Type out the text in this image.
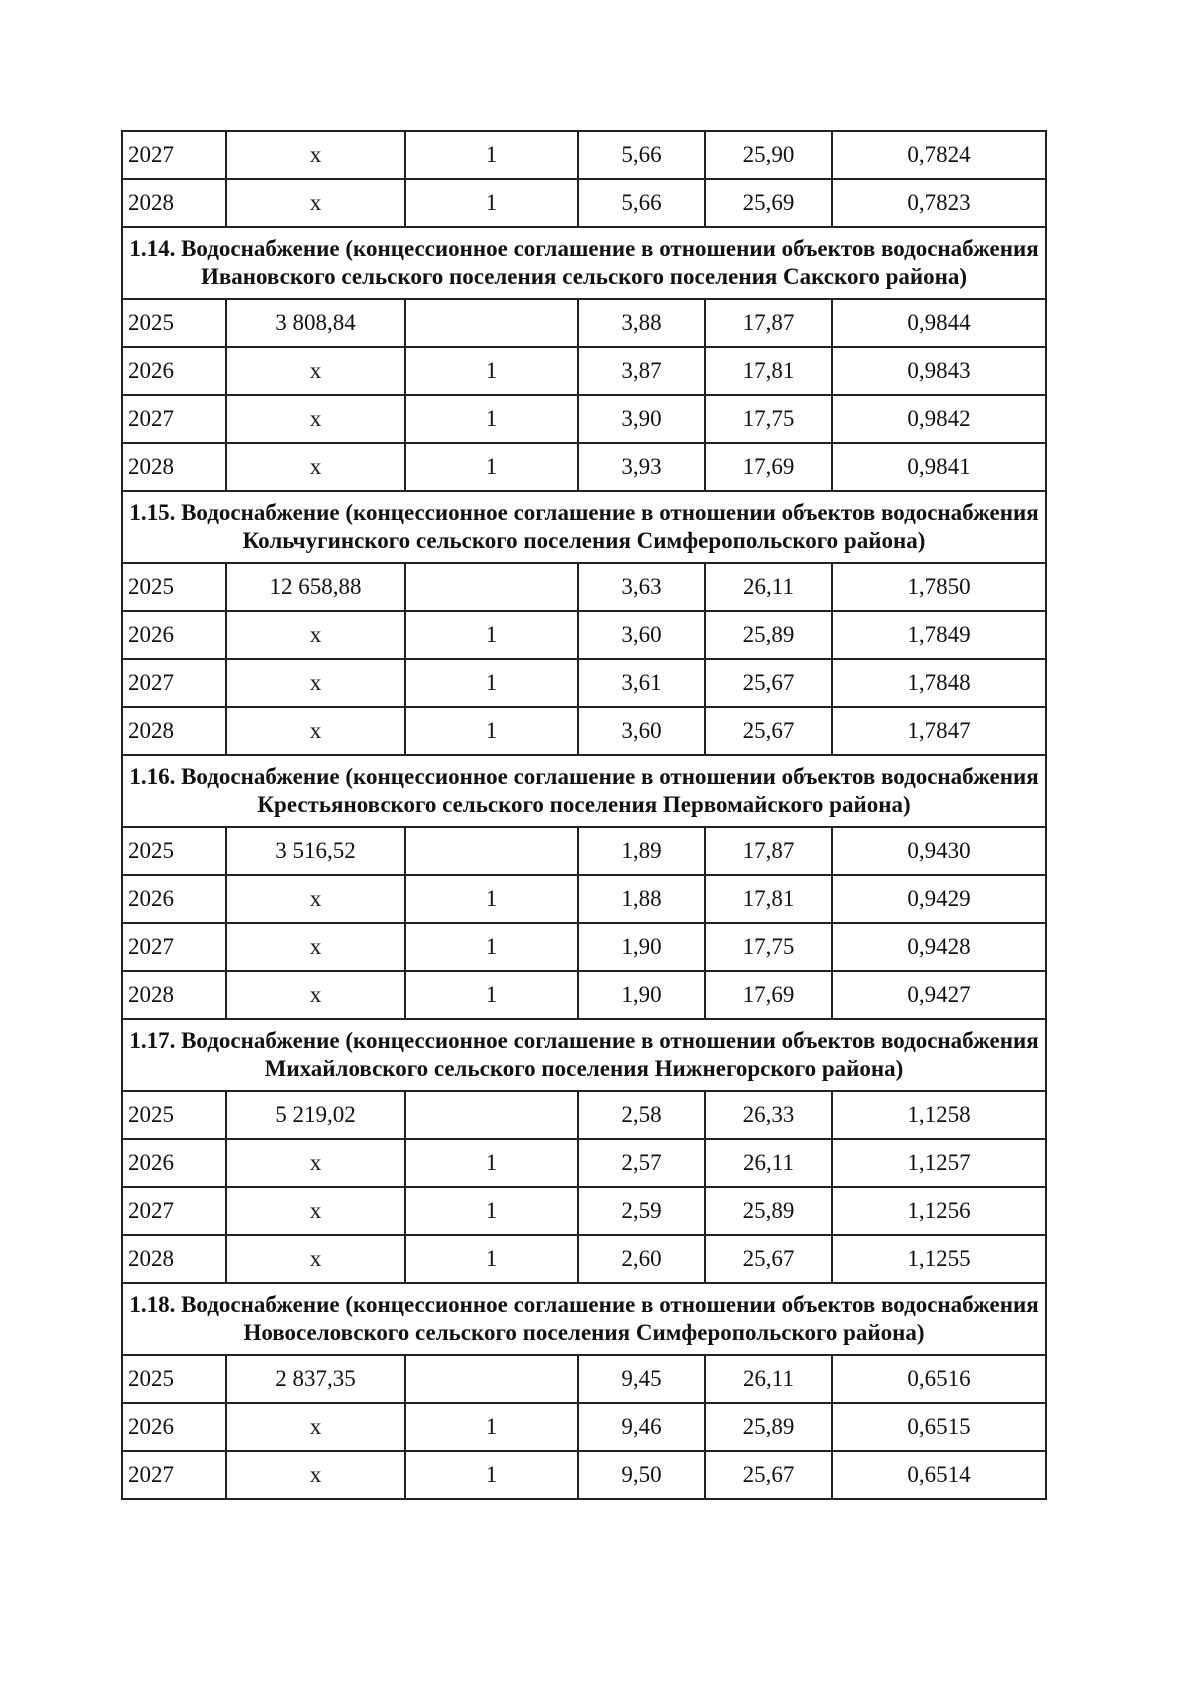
2027	x	1	5,66	25,90	0,7824
2028	x	1	5,66	25,69	0,7823
1.14. Водоснабжение (концессионное соглашение в отношении объектов водоснабжения Ивановского сельского поселения сельского поселения Сакского района)					
2025	3 808,84		3,88	17,87	0,9844
2026	x	1	3,87	17,81	0,9843
2027	x	1	3,90	17,75	0,9842
2028	x	1	3,93	17,69	0,9841
1.15. Водоснабжение (концессионное соглашение в отношении объектов водоснабжения Кольчугинского сельского поселения Симферопольского района)					
2025	12 658,88		3,63	26,11	1,7850
2026	x	1	3,60	25,89	1,7849
2027	x	1	3,61	25,67	1,7848
2028	x	1	3,60	25,67	1,7847
1.16. Водоснабжение (концессионное соглашение в отношении объектов водоснабжения Крестьяновского сельского поселения Первомайского района)					
2025	3 516,52		1,89	17,87	0,9430
2026	x	1	1,88	17,81	0,9429
2027	x	1	1,90	17,75	0,9428
2028	x	1	1,90	17,69	0,9427
1.17. Водоснабжение (концессионное соглашение в отношении объектов водоснабжения Михайловского сельского поселения Нижнегорского района)					
2025	5 219,02		2,58	26,33	1,1258
2026	x	1	2,57	26,11	1,1257
2027	x	1	2,59	25,89	1,1256
2028	x	1	2,60	25,67	1,1255
1.18. Водоснабжение (концессионное соглашение в отношении объектов водоснабжения Новоселовского сельского поселения Симферопольского района)					
2025	2 837,35		9,45	26,11	0,6516
2026	x	1	9,46	25,89	0,6515
2027	x	1	9,50	25,67	0,6514
